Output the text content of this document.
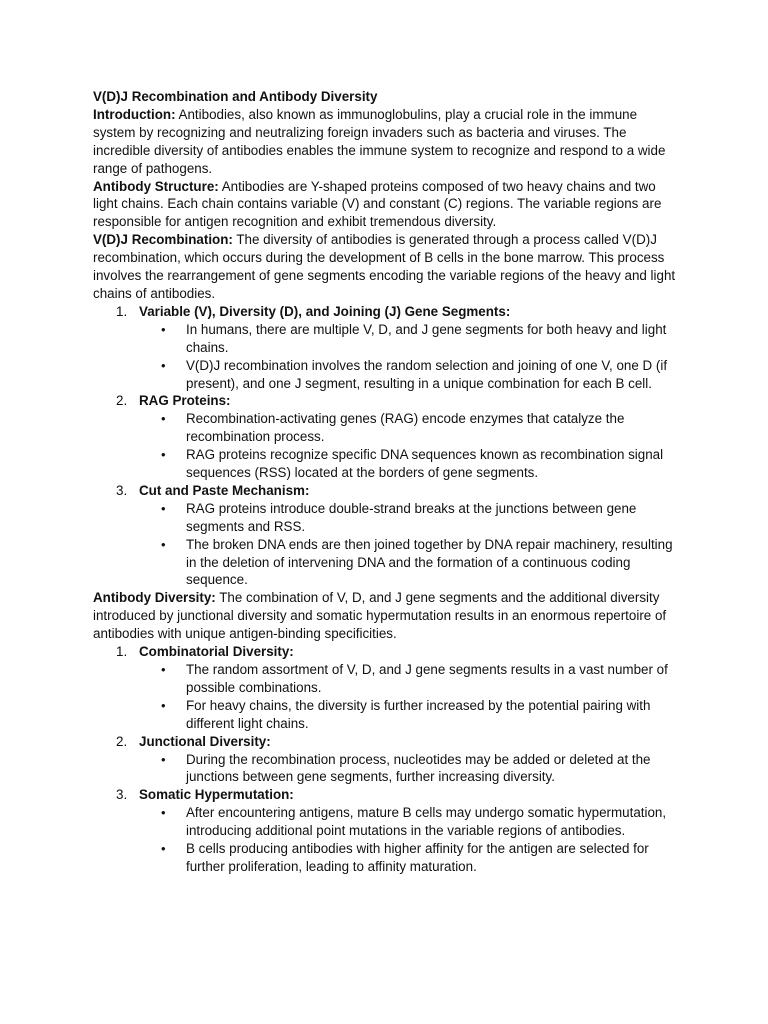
V(D)J Recombination and Antibody Diversity

Introduction: Antibodies, also known as immunoglobulins, play a crucial role in the immune system by recognizing and neutralizing foreign invaders such as bacteria and viruses. The incredible diversity of antibodies enables the immune system to recognize and respond to a wide range of pathogens.

Antibody Structure: Antibodies are Y-shaped proteins composed of two heavy chains and two light chains. Each chain contains variable (V) and constant (C) regions. The variable regions are responsible for antigen recognition and exhibit tremendous diversity.

V(D)J Recombination: The diversity of antibodies is generated through a process called V(D)J recombination, which occurs during the development of B cells in the bone marrow. This process involves the rearrangement of gene segments encoding the variable regions of the heavy and light chains of antibodies.

1. Variable (V), Diversity (D), and Joining (J) Gene Segments:
• In humans, there are multiple V, D, and J gene segments for both heavy and light chains.
• V(D)J recombination involves the random selection and joining of one V, one D (if present), and one J segment, resulting in a unique combination for each B cell.
2. RAG Proteins:
• Recombination-activating genes (RAG) encode enzymes that catalyze the recombination process.
• RAG proteins recognize specific DNA sequences known as recombination signal sequences (RSS) located at the borders of gene segments.
3. Cut and Paste Mechanism:
• RAG proteins introduce double-strand breaks at the junctions between gene segments and RSS.
• The broken DNA ends are then joined together by DNA repair machinery, resulting in the deletion of intervening DNA and the formation of a continuous coding sequence.

Antibody Diversity: The combination of V, D, and J gene segments and the additional diversity introduced by junctional diversity and somatic hypermutation results in an enormous repertoire of antibodies with unique antigen-binding specificities.

1. Combinatorial Diversity:
• The random assortment of V, D, and J gene segments results in a vast number of possible combinations.
• For heavy chains, the diversity is further increased by the potential pairing with different light chains.
2. Junctional Diversity:
• During the recombination process, nucleotides may be added or deleted at the junctions between gene segments, further increasing diversity.
3. Somatic Hypermutation:
• After encountering antigens, mature B cells may undergo somatic hypermutation, introducing additional point mutations in the variable regions of antibodies.
• B cells producing antibodies with higher affinity for the antigen are selected for further proliferation, leading to affinity maturation.
